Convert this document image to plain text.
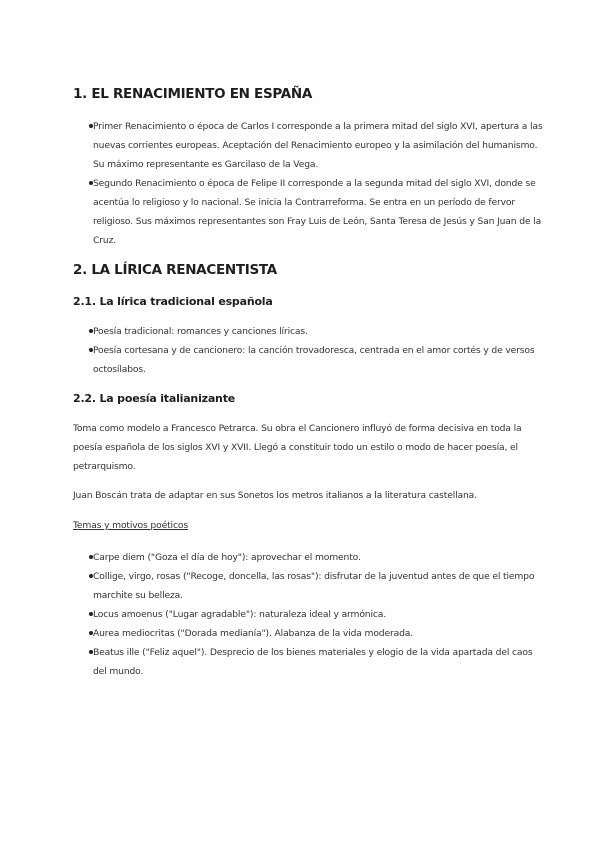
1. EL RENACIMIENTO EN ESPAÑA
Primer Renacimiento o época de Carlos I corresponde a la primera mitad del siglo XVI, apertura a las nuevas corrientes europeas. Aceptación del Renacimiento europeo y la asimilación del humanismo. Su máximo representante es Garcilaso de la Vega.
Segundo Renacimiento o época de Felipe II corresponde a la segunda mitad del siglo XVI, donde se acentúa lo religioso y lo nacional. Se inicia la Contrarreforma. Se entra en un período de fervor religioso. Sus máximos representantes son Fray Luis de León, Santa Teresa de Jesús y San Juan de la Cruz.
2. LA LÍRICA RENACENTISTA
2.1. La lírica tradicional española
Poesía tradicional: romances y canciones líricas.
Poesía cortesana y de cancionero: la canción trovadoresca, centrada en el amor cortés y de versos octosílabos.
2.2. La poesía italianizante

Toma como modelo a Francesco Petrarca. Su obra el Cancionero influyó de forma decisiva en toda la poesía española de los siglos XVI y XVII. Llegó a constituir todo un estilo o modo de hacer poesía, el petrarquismo.

Juan Boscán trata de adaptar en sus Sonetos los metros italianos a la literatura castellana.

Temas y motivos poéticos

Carpe diem ("Goza el día de hoy"): aprovechar el momento.
Collige, virgo, rosas ("Recoge, doncella, las rosas"): disfrutar de la juventud antes de que el tiempo marchite su belleza.
Locus amoenus ("Lugar agradable"): naturaleza ideal y armónica.
Aurea mediocritas ("Dorada medianía"). Alabanza de la vida moderada.
Beatus ille ("Feliz aquel"). Desprecio de los bienes materiales y elogio de la vida apartada del caos del mundo.
